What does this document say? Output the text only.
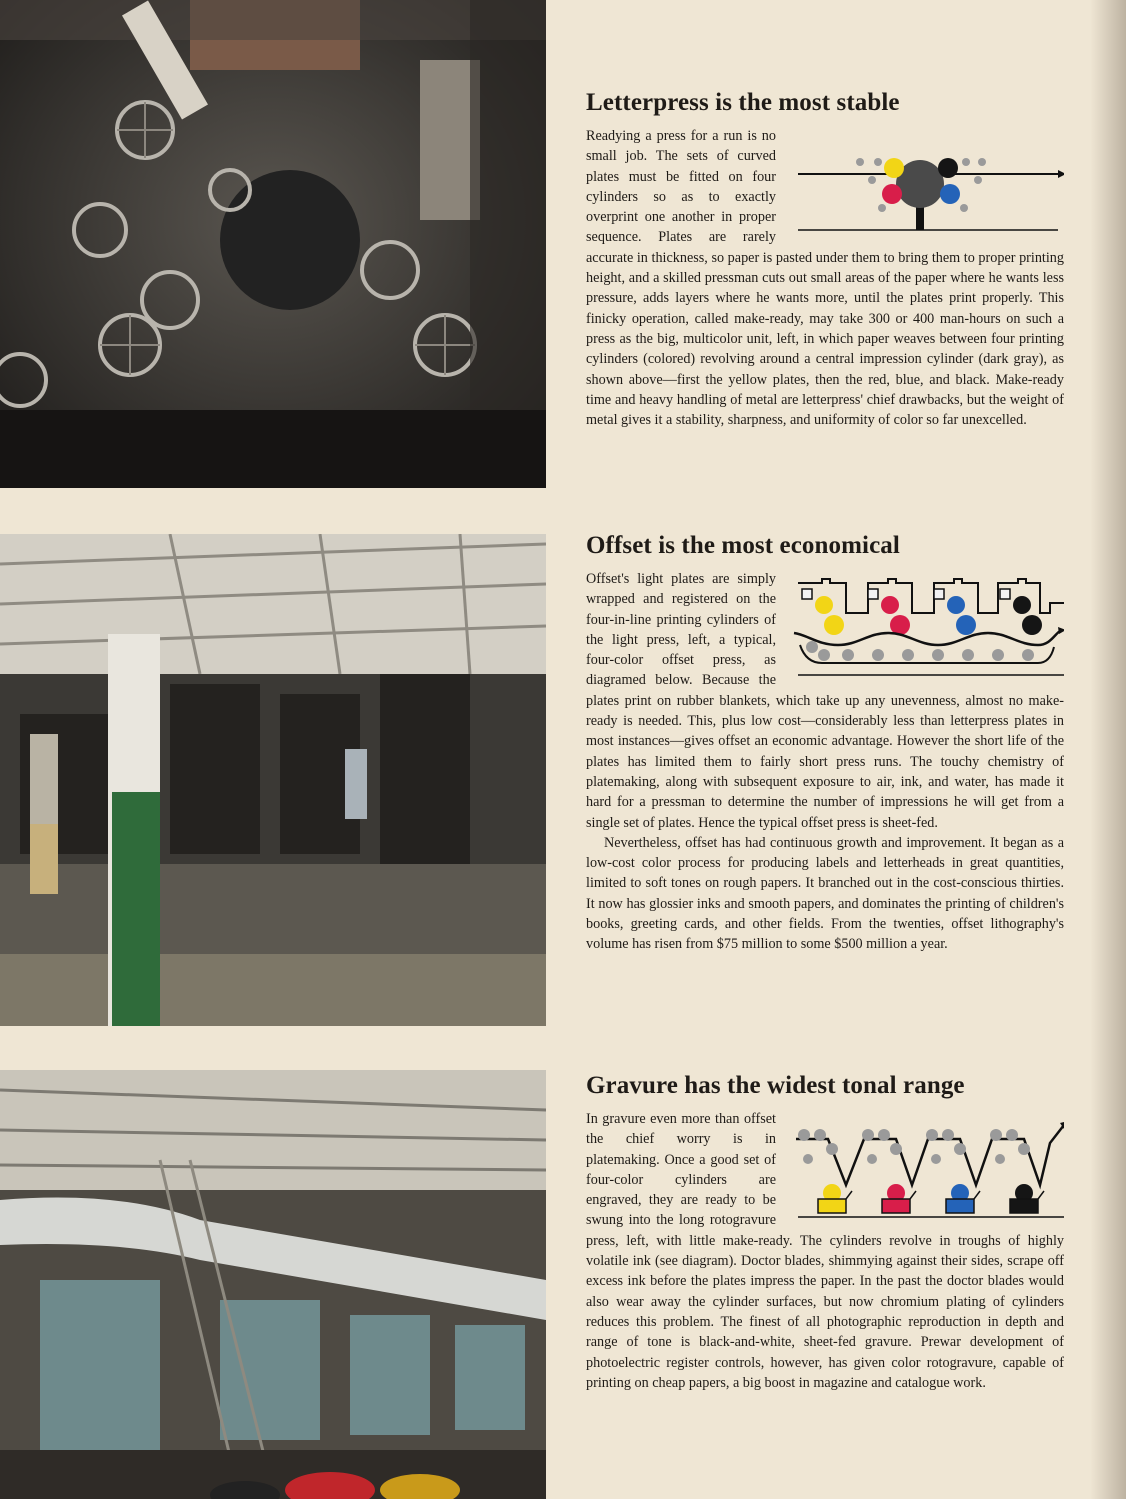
Letterpress is the most stable

Readying a press for a run is no small job. The sets of curved plates must be fitted on four cylinders so as to exactly overprint one another in proper sequence. Plates are rarely accurate in thickness, so paper is pasted under them to bring them to proper printing height, and a skilled pressman cuts out small areas of the paper where he wants less pressure, adds layers where he wants more, until the plates print properly. This finicky operation, called make-ready, may take 300 or 400 man-hours on such a press as the big, multicolor unit, left, in which paper weaves between four printing cylinders (colored) revolving around a central impression cylinder (dark gray), as shown above—first the yellow plates, then the red, blue, and black. Make-ready time and heavy handling of metal are letterpress' chief drawbacks, but the weight of metal gives it a stability, sharpness, and uniformity of color so far unexcelled.

Offset is the most economical

Offset's light plates are simply wrapped and registered on the four-in-line printing cylinders of the light press, left, a typical, four-color offset press, as diagramed below. Because the plates print on rubber blankets, which take up any unevenness, almost no make-ready is needed. This, plus low cost—considerably less than letterpress plates in most instances—gives offset an economic advantage. However the short life of the plates has limited them to fairly short press runs. The touchy chemistry of platemaking, along with subsequent exposure to air, ink, and water, has made it hard for a pressman to determine the number of impressions he will get from a single set of plates. Hence the typical offset press is sheet-fed.

Nevertheless, offset has had continuous growth and improvement. It began as a low-cost color process for producing labels and letterheads in great quantities, limited to soft tones on rough papers. It branched out in the cost-conscious thirties. It now has glossier inks and smooth papers, and dominates the printing of children's books, greeting cards, and other fields. From the twenties, offset lithography's volume has risen from $75 million to some $500 million a year.

Gravure has the widest tonal range

In gravure even more than offset the chief worry is in platemaking. Once a good set of four-color cylinders are engraved, they are ready to be swung into the long rotogravure press, left, with little make-ready. The cylinders revolve in troughs of highly volatile ink (see diagram). Doctor blades, shimmying against their sides, scrape off excess ink before the plates impress the paper. In the past the doctor blades would also wear away the cylinder surfaces, but now chromium plating of cylinders reduces this problem. The finest of all photographic reproduction in depth and range of tone is black-and-white, sheet-fed gravure. Prewar development of photoelectric register controls, however, has given color rotogravure, capable of printing on cheap papers, a big boost in magazine and catalogue work.
